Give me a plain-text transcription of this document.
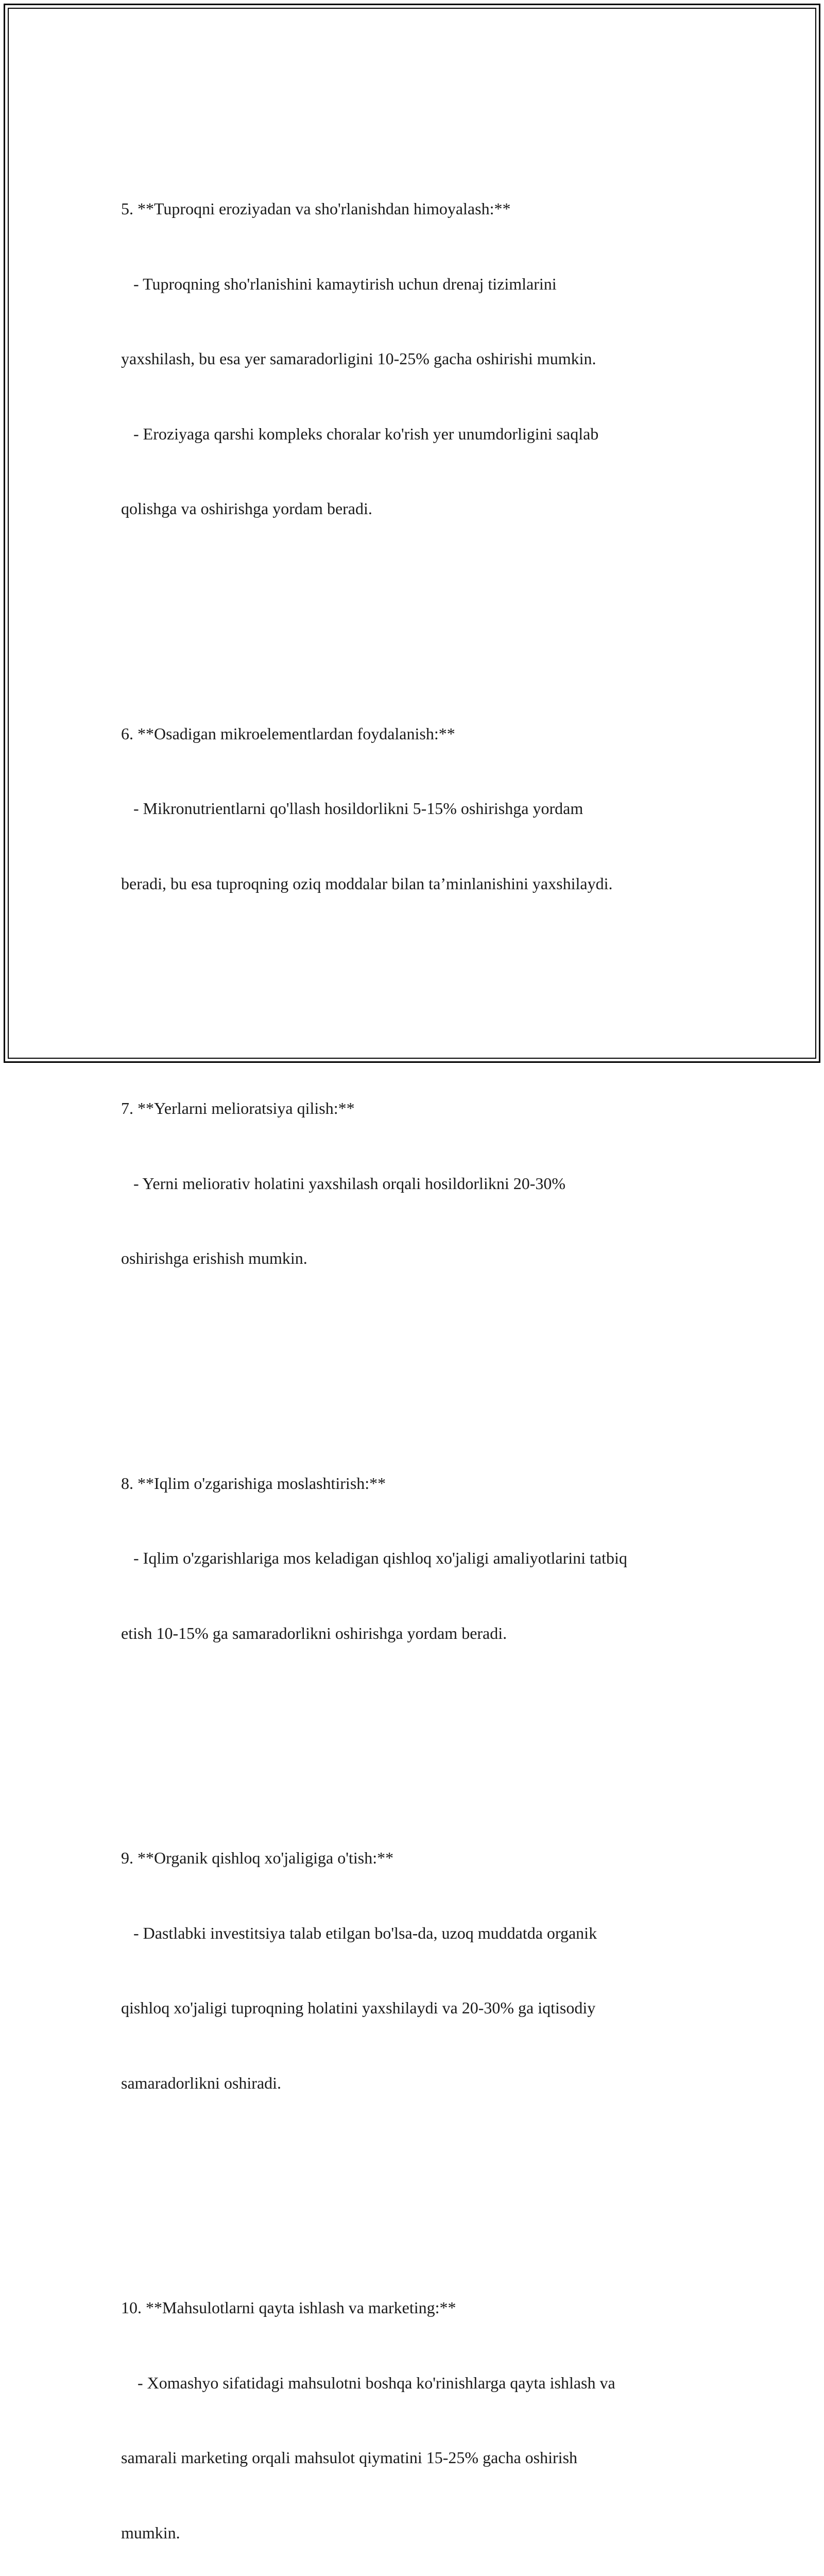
5. **Tuproqni eroziyadan va sho'rlanishdan himoyalash:**

- Tuproqning sho'rlanishini kamaytirish uchun drenaj tizimlarini

yaxshilash, bu esa yer samaradorligini 10-25% gacha oshirishi mumkin.

- Eroziyaga qarshi kompleks choralar ko'rish yer unumdorligini saqlab

qolishga va oshirishga yordam beradi.

6. **Osadigan mikroelementlardan foydalanish:**

- Mikronutrientlarni qo'llash hosildorlikni 5-15% oshirishga yordam

beradi, bu esa tuproqning oziq moddalar bilan ta’minlanishini yaxshilaydi.

7. **Yerlarni melioratsiya qilish:**

- Yerni meliorativ holatini yaxshilash orqali hosildorlikni 20-30%

oshirishga erishish mumkin.

8. **Iqlim o'zgarishiga moslashtirish:**

- Iqlim o'zgarishlariga mos keladigan qishloq xo'jaligi amaliyotlarini tatbiq

etish 10-15% ga samaradorlikni oshirishga yordam beradi.

9. **Organik qishloq xo'jaligiga o'tish:**

- Dastlabki investitsiya talab etilgan bo'lsa-da, uzoq muddatda organik

qishloq xo'jaligi tuproqning holatini yaxshilaydi va 20-30% ga iqtisodiy

samaradorlikni oshiradi.

10. **Mahsulotlarni qayta ishlash va marketing:**

- Xomashyo sifatidagi mahsulotni boshqa ko'rinishlarga qayta ishlash va

samarali marketing orqali mahsulot qiymatini 15-25% gacha oshirish

mumkin.
